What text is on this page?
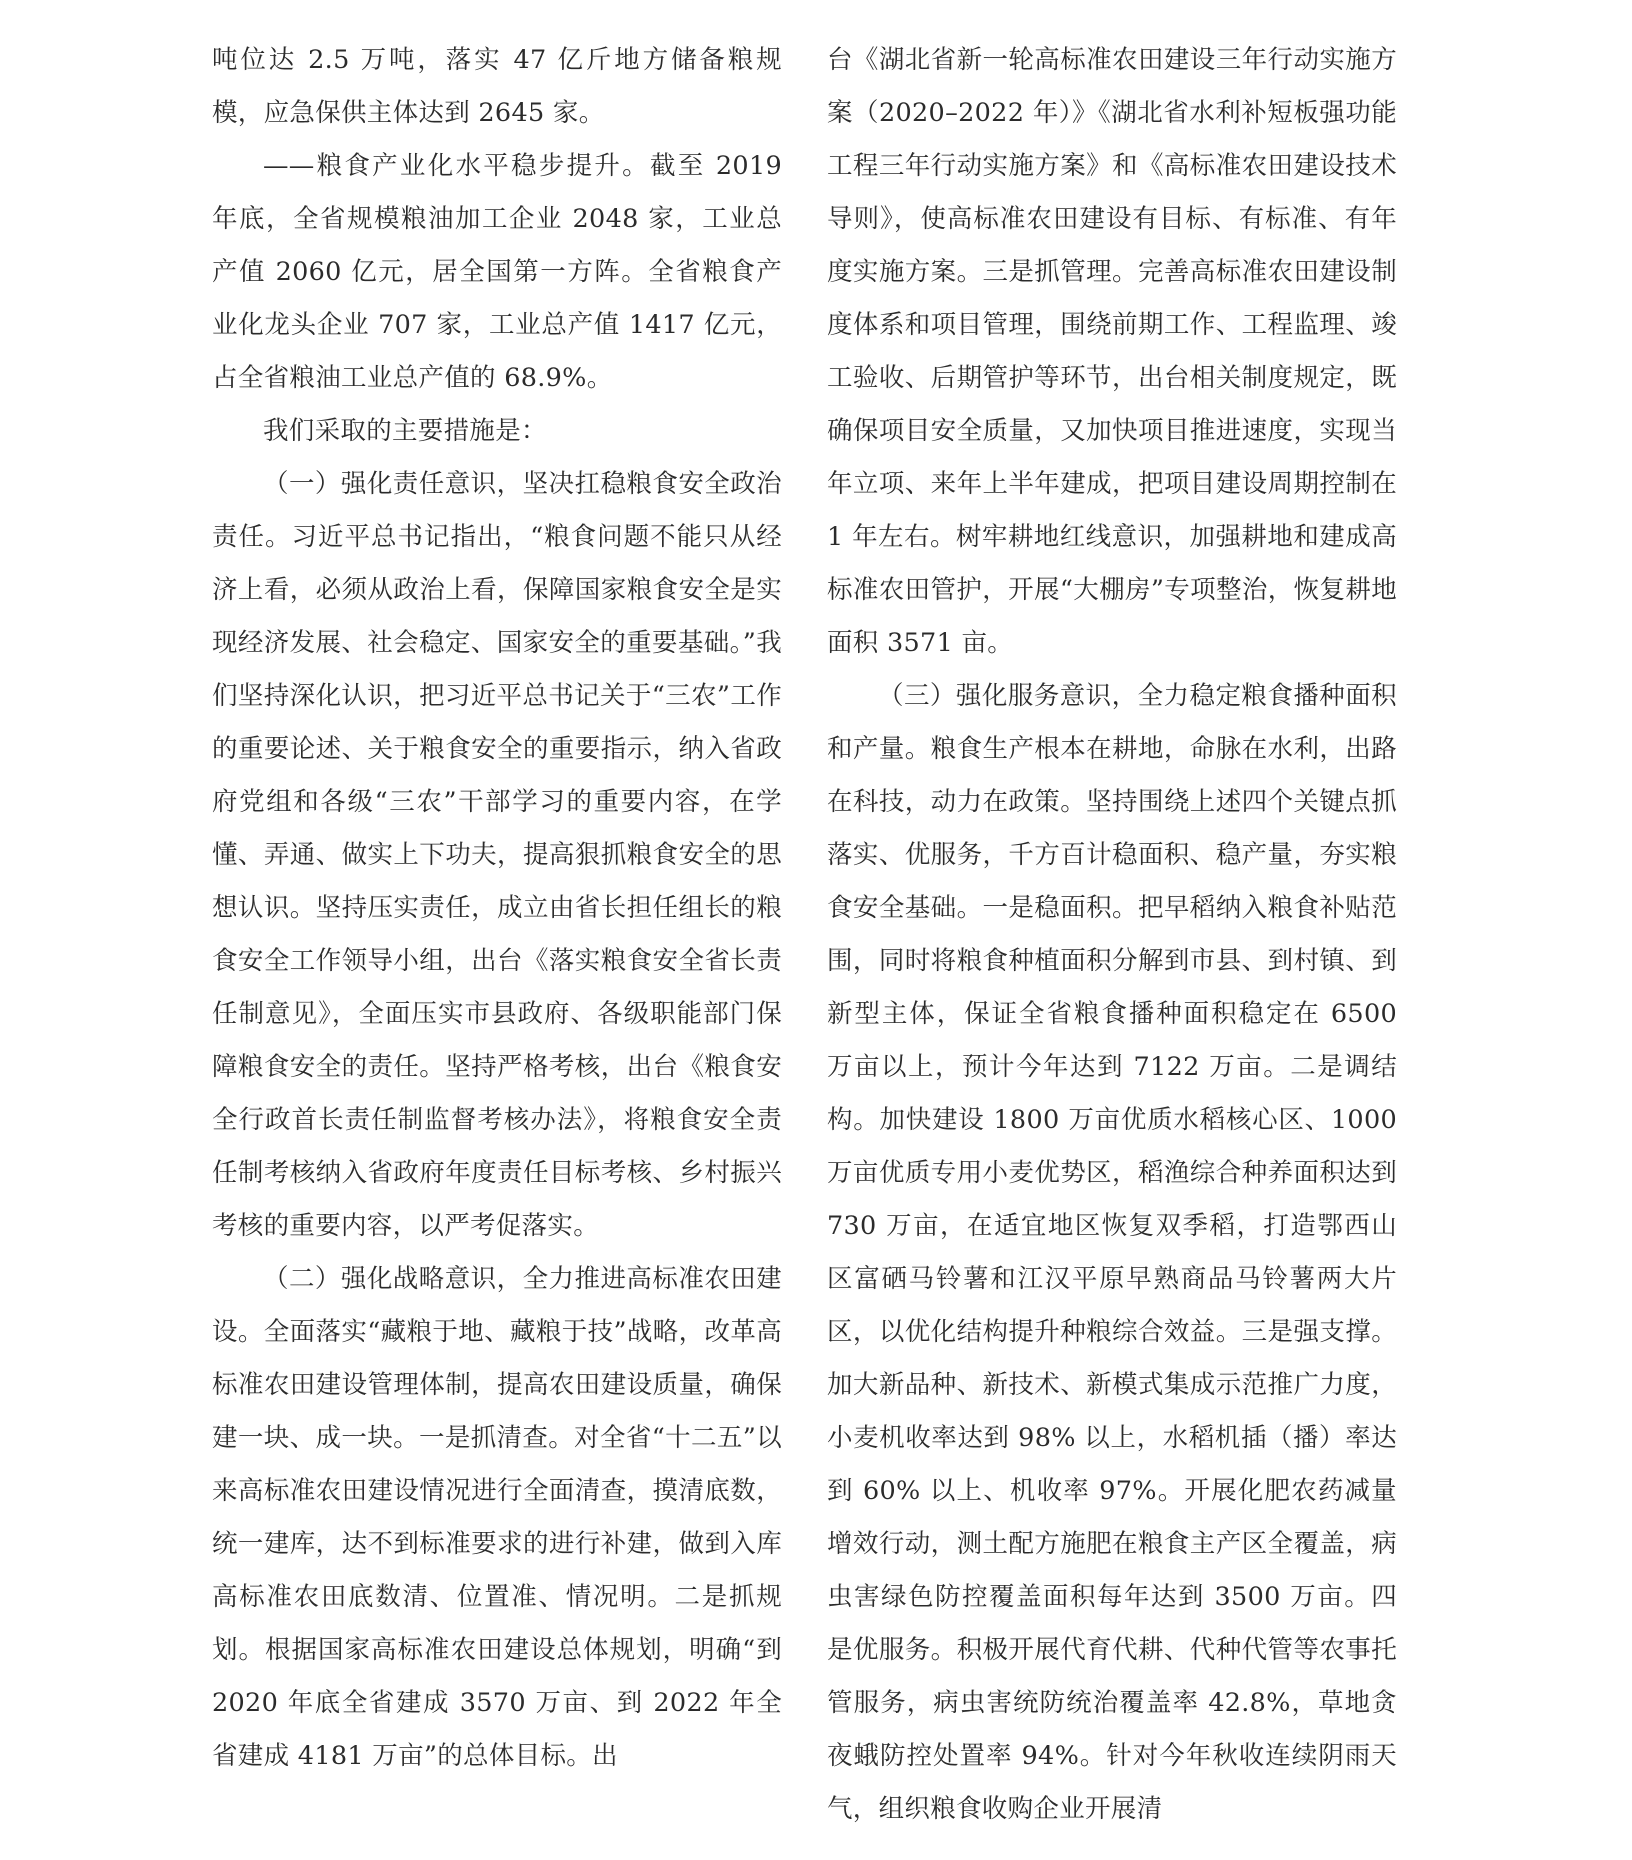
吨位达 2.5 万吨，落实 47 亿斤地方储备粮规模，应急保供主体达到 2645 家。

——粮食产业化水平稳步提升。截至 2019 年底，全省规模粮油加工企业 2048 家，工业总产值 2060 亿元，居全国第一方阵。全省粮食产业化龙头企业 707 家，工业总产值 1417 亿元，占全省粮油工业总产值的 68.9%。

我们采取的主要措施是：

（一）强化责任意识，坚决扛稳粮食安全政治责任。习近平总书记指出，“粮食问题不能只从经济上看，必须从政治上看，保障国家粮食安全是实现经济发展、社会稳定、国家安全的重要基础。”我们坚持深化认识，把习近平总书记关于“三农”工作的重要论述、关于粮食安全的重要指示，纳入省政府党组和各级“三农”干部学习的重要内容，在学懂、弄通、做实上下功夫，提高狠抓粮食安全的思想认识。坚持压实责任，成立由省长担任组长的粮食安全工作领导小组，出台《落实粮食安全省长责任制意见》，全面压实市县政府、各级职能部门保障粮食安全的责任。坚持严格考核，出台《粮食安全行政首长责任制监督考核办法》，将粮食安全责任制考核纳入省政府年度责任目标考核、乡村振兴考核的重要内容，以严考促落实。

（二）强化战略意识，全力推进高标准农田建设。全面落实“藏粮于地、藏粮于技”战略，改革高标准农田建设管理体制，提高农田建设质量，确保建一块、成一块。一是抓清查。对全省“十二五”以来高标准农田建设情况进行全面清查，摸清底数，统一建库，达不到标准要求的进行补建，做到入库高标准农田底数清、位置准、情况明。二是抓规划。根据国家高标准农田建设总体规划，明确“到 2020 年底全省建成 3570 万亩、到 2022 年全省建成 4181 万亩”的总体目标。出

台《湖北省新一轮高标准农田建设三年行动实施方案（2020–2022 年）》《湖北省水利补短板强功能工程三年行动实施方案》和《高标准农田建设技术导则》，使高标准农田建设有目标、有标准、有年度实施方案。三是抓管理。完善高标准农田建设制度体系和项目管理，围绕前期工作、工程监理、竣工验收、后期管护等环节，出台相关制度规定，既确保项目安全质量，又加快项目推进速度，实现当年立项、来年上半年建成，把项目建设周期控制在 1 年左右。树牢耕地红线意识，加强耕地和建成高标准农田管护，开展“大棚房”专项整治，恢复耕地面积 3571 亩。

（三）强化服务意识，全力稳定粮食播种面积和产量。粮食生产根本在耕地，命脉在水利，出路在科技，动力在政策。坚持围绕上述四个关键点抓落实、优服务，千方百计稳面积、稳产量，夯实粮食安全基础。一是稳面积。把早稻纳入粮食补贴范围，同时将粮食种植面积分解到市县、到村镇、到新型主体，保证全省粮食播种面积稳定在 6500 万亩以上，预计今年达到 7122 万亩。二是调结构。加快建设 1800 万亩优质水稻核心区、1000 万亩优质专用小麦优势区，稻渔综合种养面积达到 730 万亩，在适宜地区恢复双季稻，打造鄂西山区富硒马铃薯和江汉平原早熟商品马铃薯两大片区，以优化结构提升种粮综合效益。三是强支撑。加大新品种、新技术、新模式集成示范推广力度，小麦机收率达到 98% 以上，水稻机插（播）率达到 60% 以上、机收率 97%。开展化肥农药减量增效行动，测土配方施肥在粮食主产区全覆盖，病虫害绿色防控覆盖面积每年达到 3500 万亩。四是优服务。积极开展代育代耕、代种代管等农事托管服务，病虫害统防统治覆盖率 42.8%，草地贪夜蛾防控处置率 94%。针对今年秋收连续阴雨天气，组织粮食收购企业开展清
